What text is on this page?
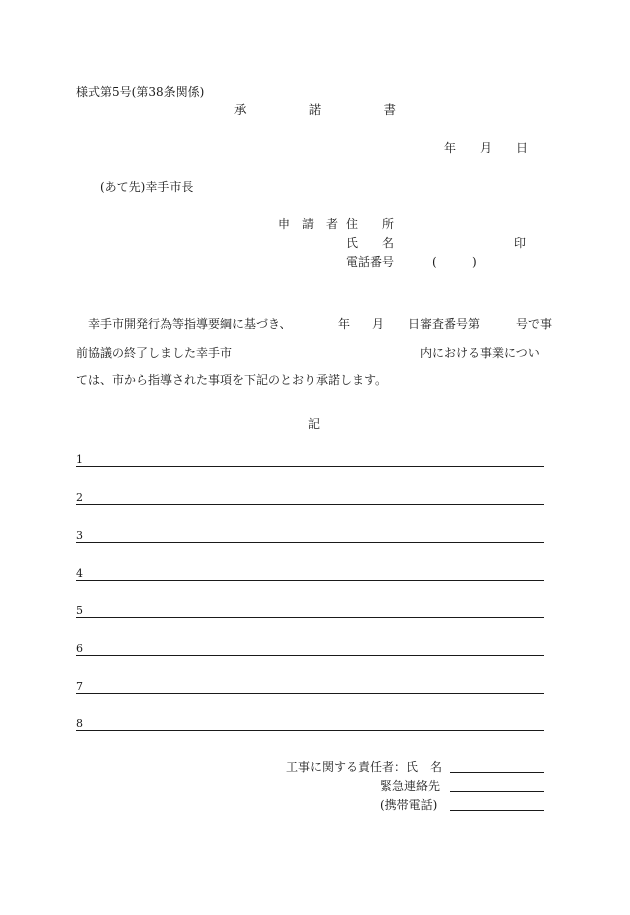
様式第5号(第38条関係)
承	諾	書
年 月 日
(あて先)幸手市長
申　請　者 住　　所
氏　　名	印
電話番号	(	)
幸手市開発行為等指導要綱に基づき、	年 月 日審査番号第	号で事
前協議の終了しました幸手市	内における事業につい
ては、市から指導された事項を下記のとおり承諾します。
記
1
2
3
4
5
6
7
8
工事に関する責任者：氏　名
緊急連絡先
(携帯電話)
